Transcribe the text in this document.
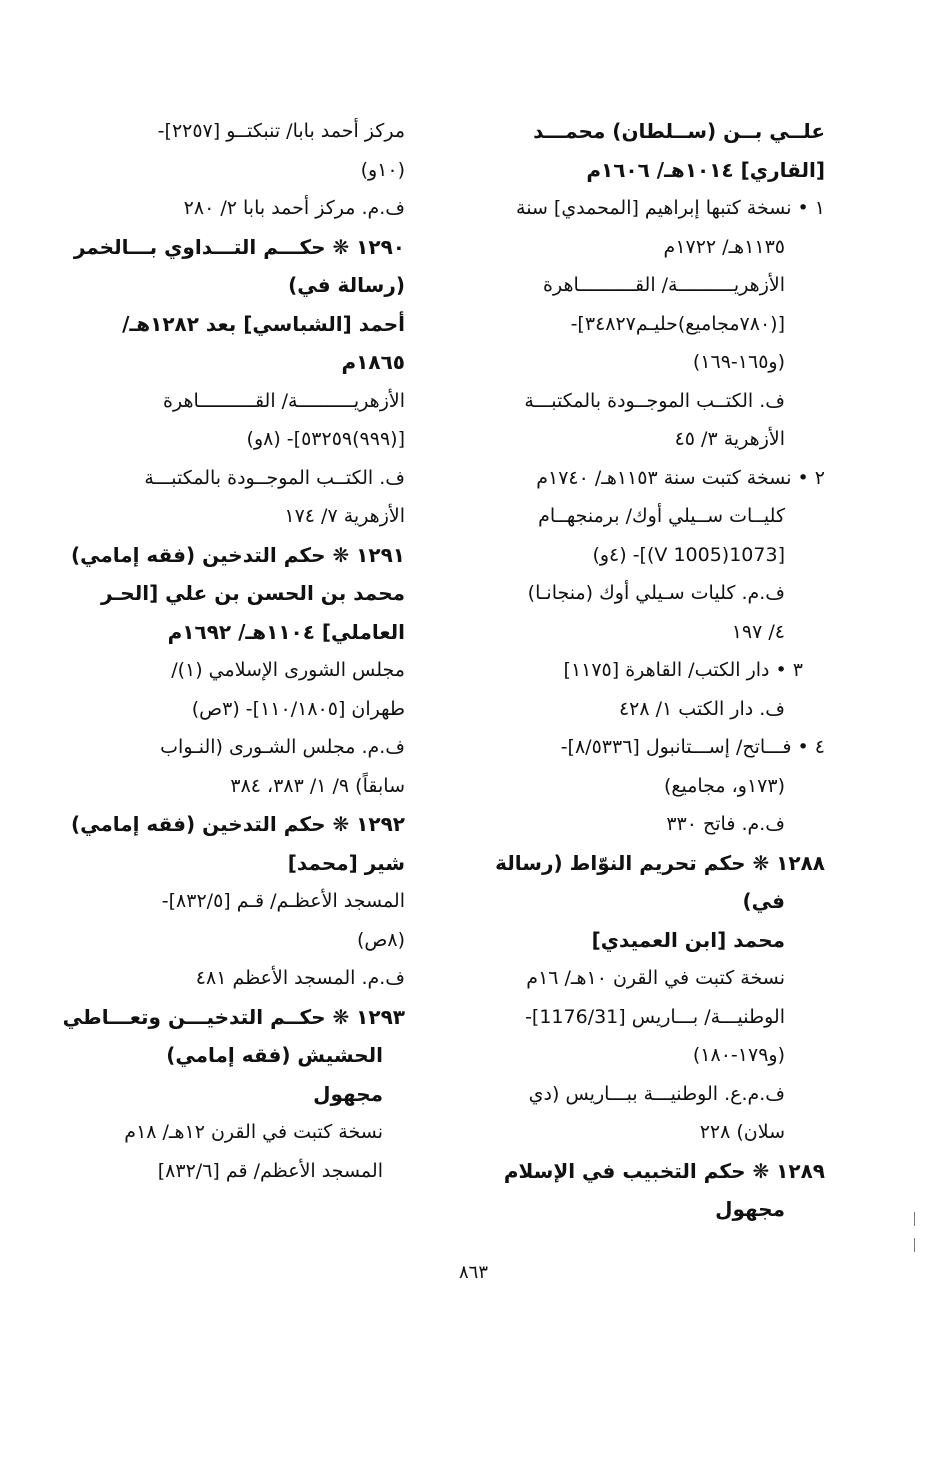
علــي بــن (ســلطان) محمـــد
[القاري] ١٠١٤هـ/ ١٦٠٦م
١ • نسخة كتبها إبراهيم [المحمدي] سنة
١١٣٥هـ/ ١٧٢٢م
الأزهريــــــــــة/ القــــــــــاهرة
[(٧٨٠مجاميع)حليـم٣٤٨٢٧]-
(و١٦٥-١٦٩)
ف. الكتــب الموجــودة بالمكتبـــة
الأزهرية ٣/ ٤٥
٢ • نسخة كتبت سنة ١١٥٣هـ/ ١٧٤٠م
كليــات ســيلي أوك/ برمنجهــام
[1073(1005 V)]- (٤و)
ف.م. كليات سـيلي أوك (منجانـا)
٤/ ١٩٧
٣ • دار الكتب/ القاهرة [١١٧٥]
ف. دار الكتب ١/ ٤٢٨
٤ • فـــاتح/ إســـتانبول [٨/٥٣٣٦]-
(١٧٣و، مجاميع)
ف.م. فاتح ٣٣٠
١٢٨٨ ❋ حكم تحريم النوّاط (رسالة
في)
محمد [ابن العميدي]
نسخة كتبت في القرن ١٠هـ/ ١٦م
الوطنيـــة/ بـــاريس [1176/31]-
(و١٧٩-١٨٠)
ف.م.ع. الوطنيـــة ببـــاريس (دي
سلان) ٢٢٨
١٢٨٩ ❋ حكم التخبيب في الإسلام
مجهول
مركز أحمد بابا/ تنبكتــو [٢٢٥٧]-
(١٠و)
ف.م. مركز أحمد بابا ٢/ ٢٨٠
١٢٩٠ ❋ حكـــم التـــداوي بـــالخمر
(رسالة في)
أحمد [الشباسي] بعد ١٢٨٢هـ/
١٨٦٥م
الأزهريــــــــــة/ القــــــــــاهرة
[(٩٩٩)٥٣٢٥٩]- (٨و)
ف. الكتــب الموجــودة بالمكتبـــة
الأزهرية ٧/ ١٧٤
١٢٩١ ❋ حكم التدخين (فقه إمامي)
محمد بن الحسن بن علي [الحـر
العاملي] ١١٠٤هـ/ ١٦٩٢م
مجلس الشورى الإسلامي (١)/
طهران [١١٠/١٨٠٥]- (٣ص)
ف.م. مجلس الشـورى (النـواب
سابقاً) ٩/ ١/ ٣٨٣، ٣٨٤
١٢٩٢ ❋ حكم التدخين (فقه إمامي)
شير [محمد]
المسجد الأعظـم/ قـم [٨٣٢/٥]-
(٨ص)
ف.م. المسجد الأعظم ٤٨١
١٢٩٣ ❋ حكــم التدخيـــن وتعـــاطي
الحشيش (فقه إمامي)
مجهول
نسخة كتبت في القرن ١٢هـ/ ١٨م
المسجد الأعظم/ قم [٨٣٢/٦]
٨٦٣
